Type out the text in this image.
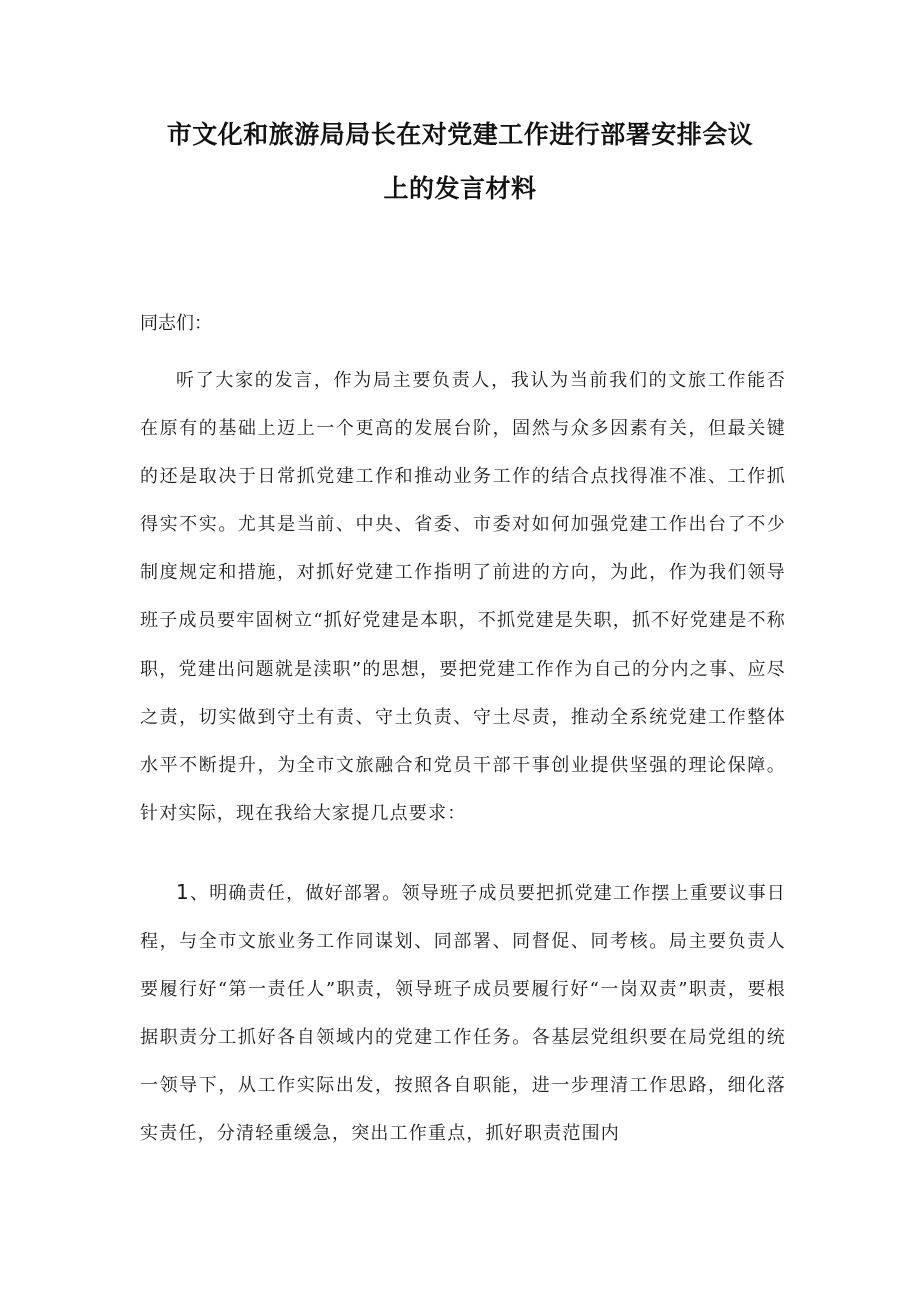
市文化和旅游局局长在对党建工作进行部署安排会议
上的发言材料

同志们：

听了大家的发言，作为局主要负责人，我认为当前我们的文旅工作能否在原有的基础上迈上一个更高的发展台阶，固然与众多因素有关，但最关键的还是取决于日常抓党建工作和推动业务工作的结合点找得准不准、工作抓得实不实。尤其是当前、中央、省委、市委对如何加强党建工作出台了不少制度规定和措施，对抓好党建工作指明了前进的方向，为此，作为我们领导班子成员要牢固树立“抓好党建是本职，不抓党建是失职，抓不好党建是不称职，党建出问题就是渎职”的思想，要把党建工作作为自己的分内之事、应尽之责，切实做到守土有责、守土负责、守土尽责，推动全系统党建工作整体水平不断提升，为全市文旅融合和党员干部干事创业提供坚强的理论保障。针对实际，现在我给大家提几点要求：

1、明确责任，做好部署。领导班子成员要把抓党建工作摆上重要议事日程，与全市文旅业务工作同谋划、同部署、同督促、同考核。局主要负责人要履行好“第一责任人”职责，领导班子成员要履行好“一岗双责”职责，要根据职责分工抓好各自领域内的党建工作任务。各基层党组织要在局党组的统一领导下，从工作实际出发，按照各自职能，进一步理清工作思路，细化落实责任，分清轻重缓急，突出工作重点，抓好职责范围内
